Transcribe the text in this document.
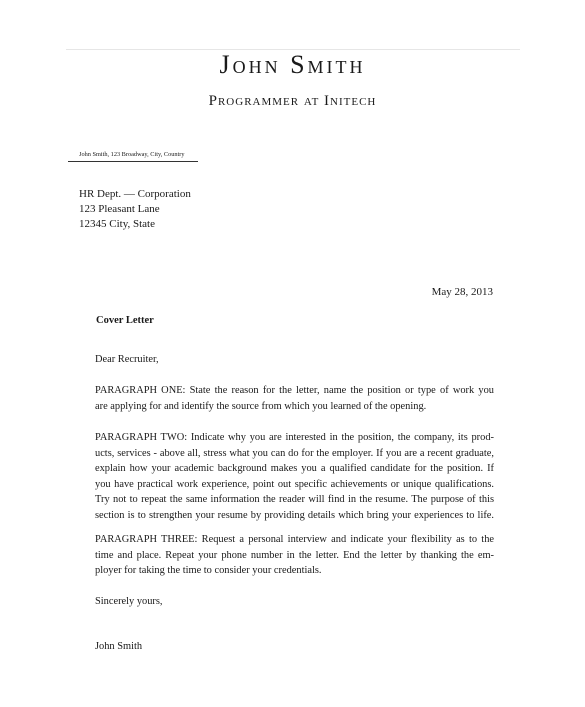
John Smith
Programmer at Initech
John Smith, 123 Broadway, City, Country
HR Dept. — Corporation
123 Pleasant Lane
12345 City, State
May 28, 2013
Cover Letter
Dear Recruiter,
PARAGRAPH ONE: State the reason for the letter, name the position or type of work you
are applying for and identify the source from which you learned of the opening.
PARAGRAPH TWO: Indicate why you are interested in the position, the company, its prod-
ucts, services - above all, stress what you can do for the employer. If you are a recent graduate,
explain how your academic background makes you a qualified candidate for the position. If
you have practical work experience, point out specific achievements or unique qualifications.
Try not to repeat the same information the reader will find in the resume. The purpose of this
section is to strengthen your resume by providing details which bring your experiences to life.
PARAGRAPH THREE: Request a personal interview and indicate your flexibility as to the
time and place. Repeat your phone number in the letter. End the letter by thanking the em-
ployer for taking the time to consider your credentials.
Sincerely yours,
John Smith
